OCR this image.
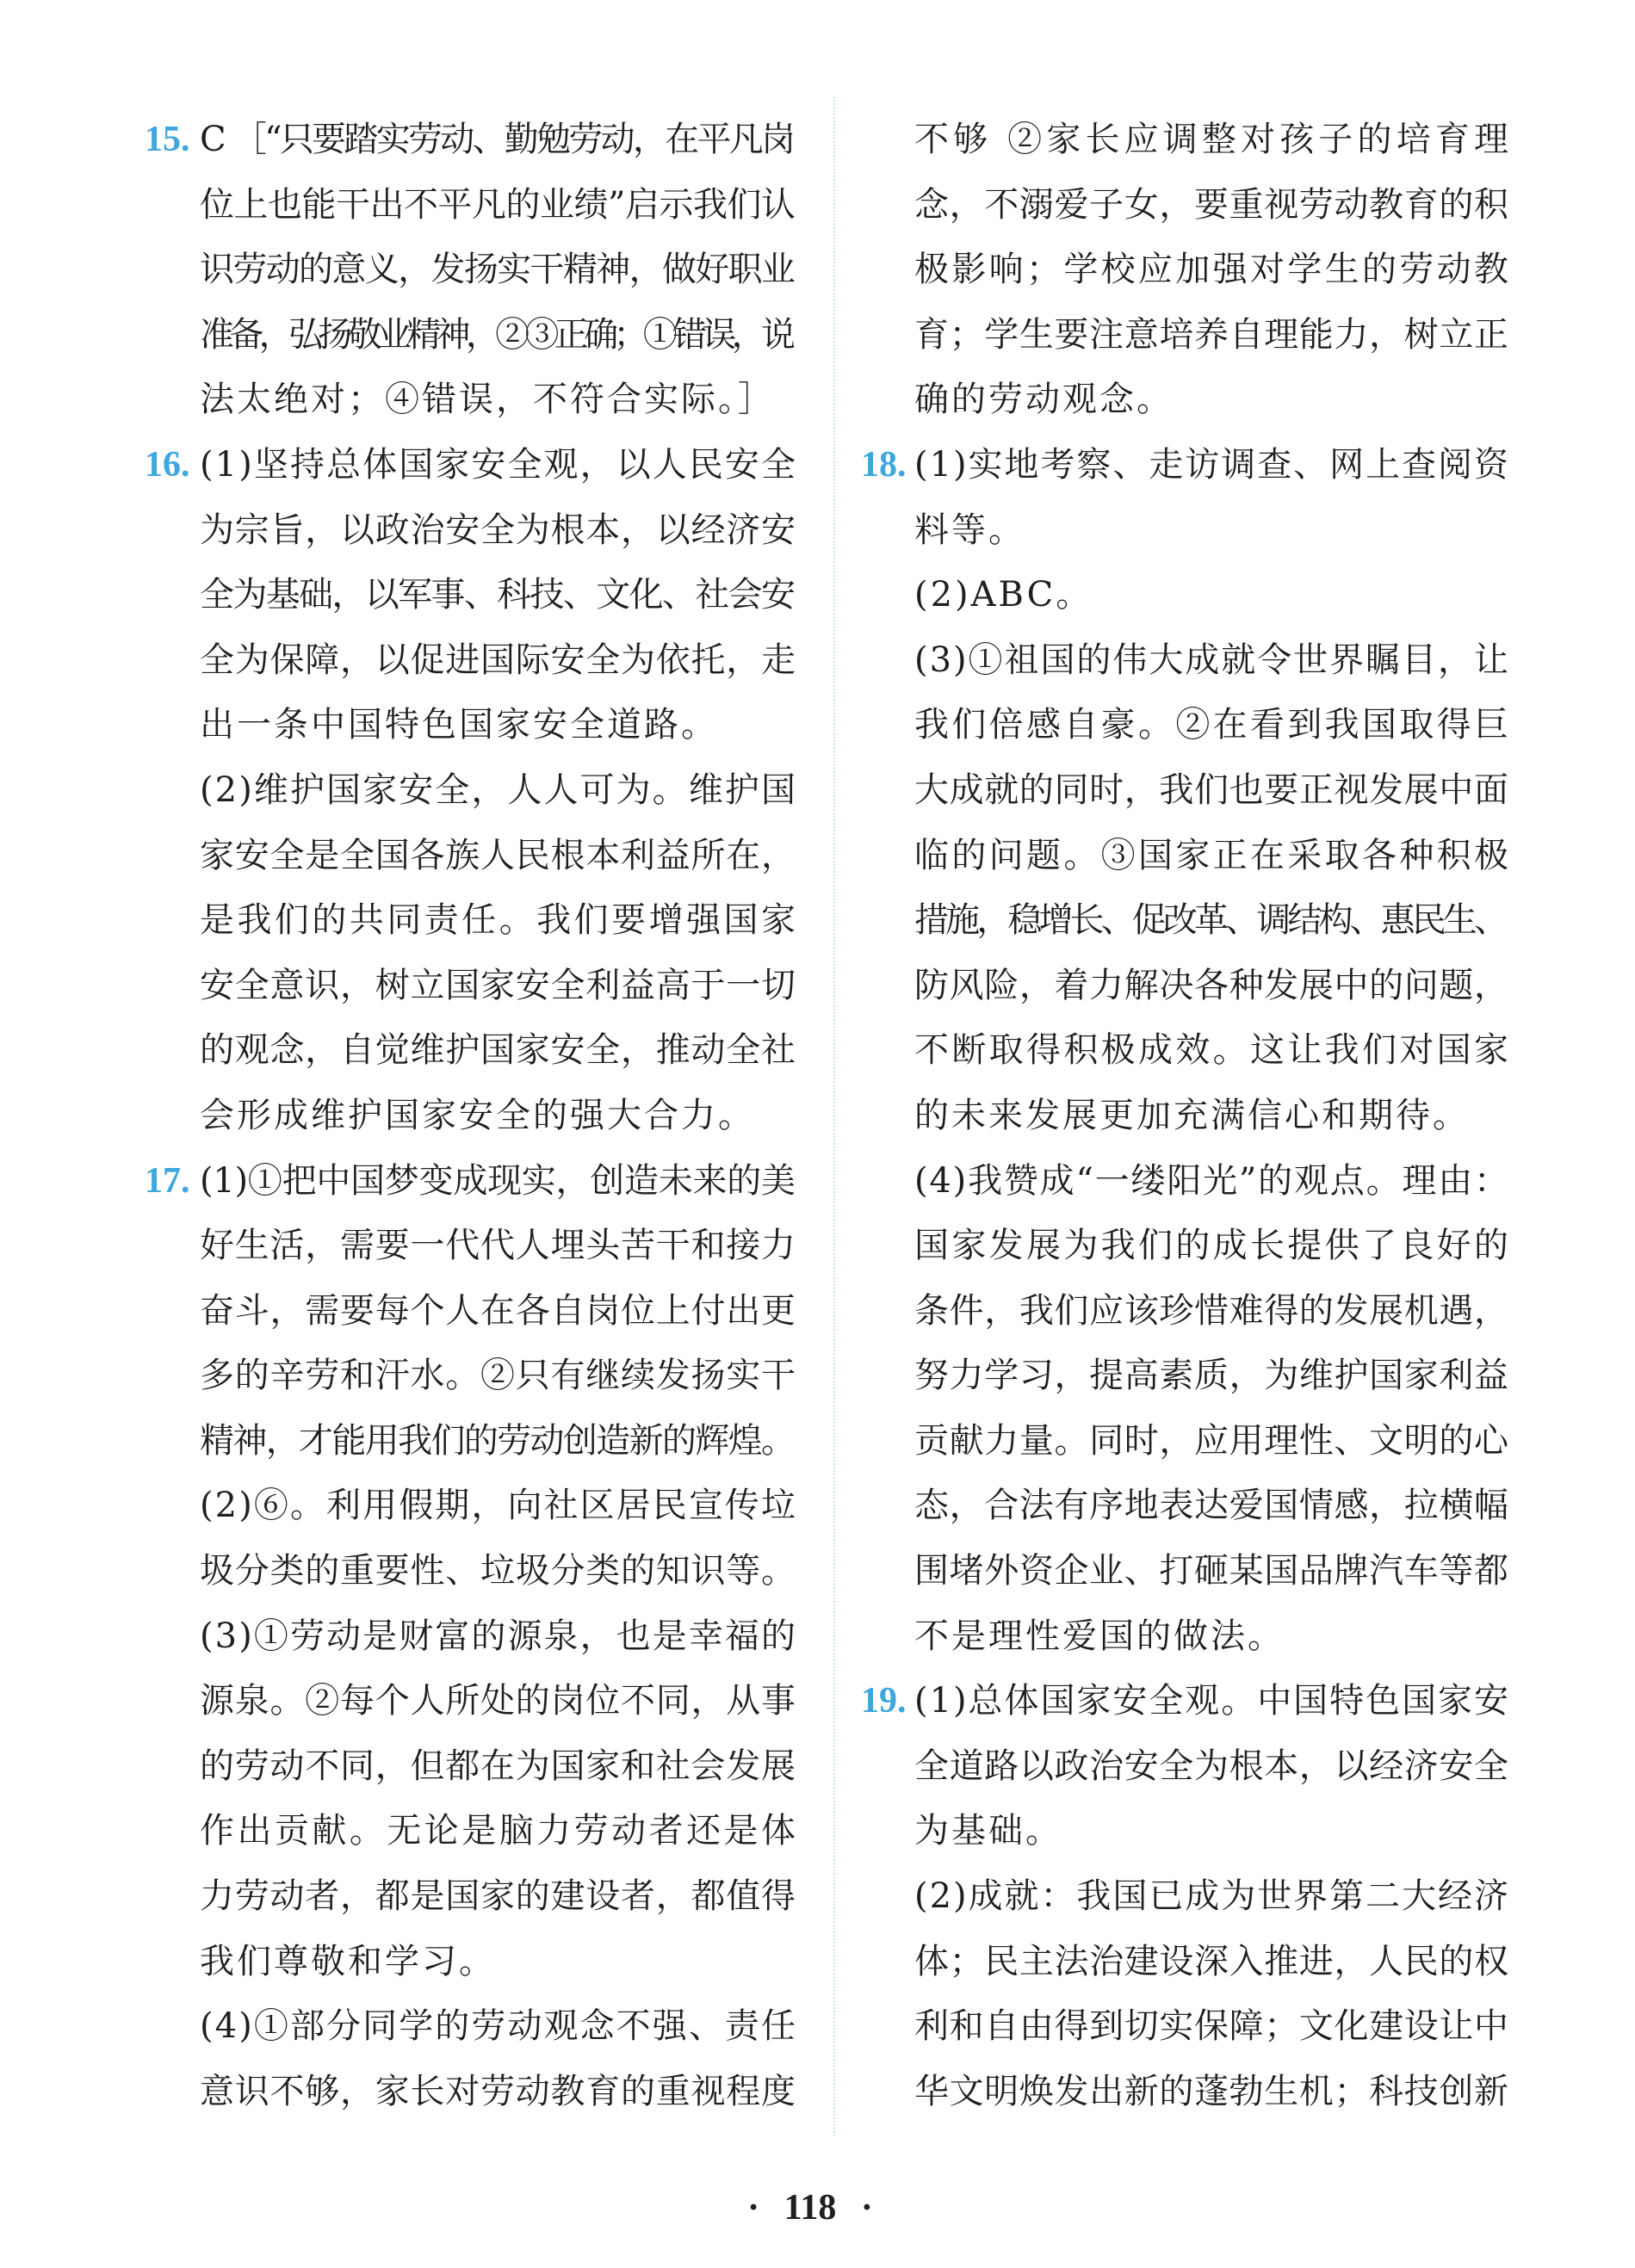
15. C ［“只要踏实劳动、勤勉劳动，在平凡岗
位上也能干出不平凡的业绩”启示我们认
识劳动的意义，发扬实干精神，做好职业
准备，弘扬敬业精神，②③正确；①错误，说
法太绝对；④错误，不符合实际。］
16. (1)坚持总体国家安全观，以人民安全
为宗旨，以政治安全为根本，以经济安
全为基础，以军事、科技、文化、社会安
全为保障，以促进国际安全为依托，走
出一条中国特色国家安全道路。
(2)维护国家安全，人人可为。维护国
家安全是全国各族人民根本利益所在，
是我们的共同责任。我们要增强国家
安全意识，树立国家安全利益高于一切
的观念，自觉维护国家安全，推动全社
会形成维护国家安全的强大合力。
17. (1)①把中国梦变成现实，创造未来的美
好生活，需要一代代人埋头苦干和接力
奋斗，需要每个人在各自岗位上付出更
多的辛劳和汗水。②只有继续发扬实干
精神，才能用我们的劳动创造新的辉煌。
(2)⑥。利用假期，向社区居民宣传垃
圾分类的重要性、垃圾分类的知识等。
(3)①劳动是财富的源泉，也是幸福的
源泉。②每个人所处的岗位不同，从事
的劳动不同，但都在为国家和社会发展
作出贡献。无论是脑力劳动者还是体
力劳动者，都是国家的建设者，都值得
我们尊敬和学习。
(4)①部分同学的劳动观念不强、责任
意识不够，家长对劳动教育的重视程度
不够 ②家长应调整对孩子的培育理
念，不溺爱子女，要重视劳动教育的积
极影响；学校应加强对学生的劳动教
育；学生要注意培养自理能力，树立正
确的劳动观念。
18. (1)实地考察、走访调查、网上查阅资
料等。
(2)ABC。
(3)①祖国的伟大成就令世界瞩目，让
我们倍感自豪。②在看到我国取得巨
大成就的同时，我们也要正视发展中面
临的问题。③国家正在采取各种积极
措施，稳增长、促改革、调结构、惠民生、
防风险，着力解决各种发展中的问题，
不断取得积极成效。这让我们对国家
的未来发展更加充满信心和期待。
(4)我赞成“一缕阳光”的观点。理由：
国家发展为我们的成长提供了良好的
条件，我们应该珍惜难得的发展机遇，
努力学习，提高素质，为维护国家利益
贡献力量。同时，应用理性、文明的心
态，合法有序地表达爱国情感，拉横幅
围堵外资企业、打砸某国品牌汽车等都
不是理性爱国的做法。
19. (1)总体国家安全观。中国特色国家安
全道路以政治安全为根本，以经济安全
为基础。
(2)成就：我国已成为世界第二大经济
体；民主法治建设深入推进，人民的权
利和自由得到切实保障；文化建设让中
华文明焕发出新的蓬勃生机；科技创新
· 118 ·
